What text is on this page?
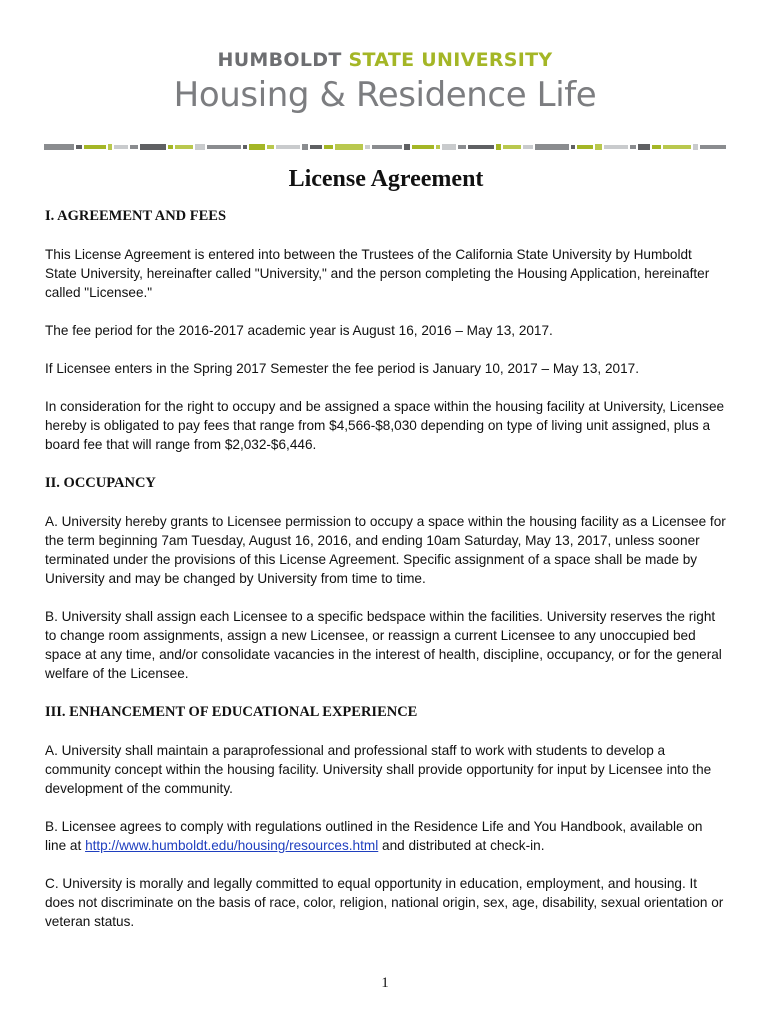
HUMBOLDT STATE UNIVERSITY
Housing & Residence Life
License Agreement
I. AGREEMENT AND FEES

This License Agreement is entered into between the Trustees of the California State University by Humboldt State University, hereinafter called "University," and the person completing the Housing Application, hereinafter called "Licensee."

The fee period for the 2016-2017 academic year is August 16, 2016 – May 13, 2017.

If Licensee enters in the Spring 2017 Semester the fee period is January 10, 2017 – May 13, 2017.

In consideration for the right to occupy and be assigned a space within the housing facility at University, Licensee hereby is obligated to pay fees that range from $4,566-$8,030 depending on type of living unit assigned, plus a board fee that will range from $2,032-$6,446.

II. OCCUPANCY

A. University hereby grants to Licensee permission to occupy a space within the housing facility as a Licensee for the term beginning 7am Tuesday, August 16, 2016, and ending 10am Saturday, May 13, 2017, unless sooner terminated under the provisions of this License Agreement. Specific assignment of a space shall be made by University and may be changed by University from time to time.

B. University shall assign each Licensee to a specific bedspace within the facilities. University reserves the right to change room assignments, assign a new Licensee, or reassign a current Licensee to any unoccupied bed space at any time, and/or consolidate vacancies in the interest of health, discipline, occupancy, or for the general welfare of the Licensee.

III. ENHANCEMENT OF EDUCATIONAL EXPERIENCE

A. University shall maintain a paraprofessional and professional staff to work with students to develop a community concept within the housing facility. University shall provide opportunity for input by Licensee into the development of the community.

B. Licensee agrees to comply with regulations outlined in the Residence Life and You Handbook, available on line at http://www.humboldt.edu/housing/resources.html and distributed at check-in.

C. University is morally and legally committed to equal opportunity in education, employment, and housing. It does not discriminate on the basis of race, color, religion, national origin, sex, age, disability, sexual orientation or veteran status.

1
